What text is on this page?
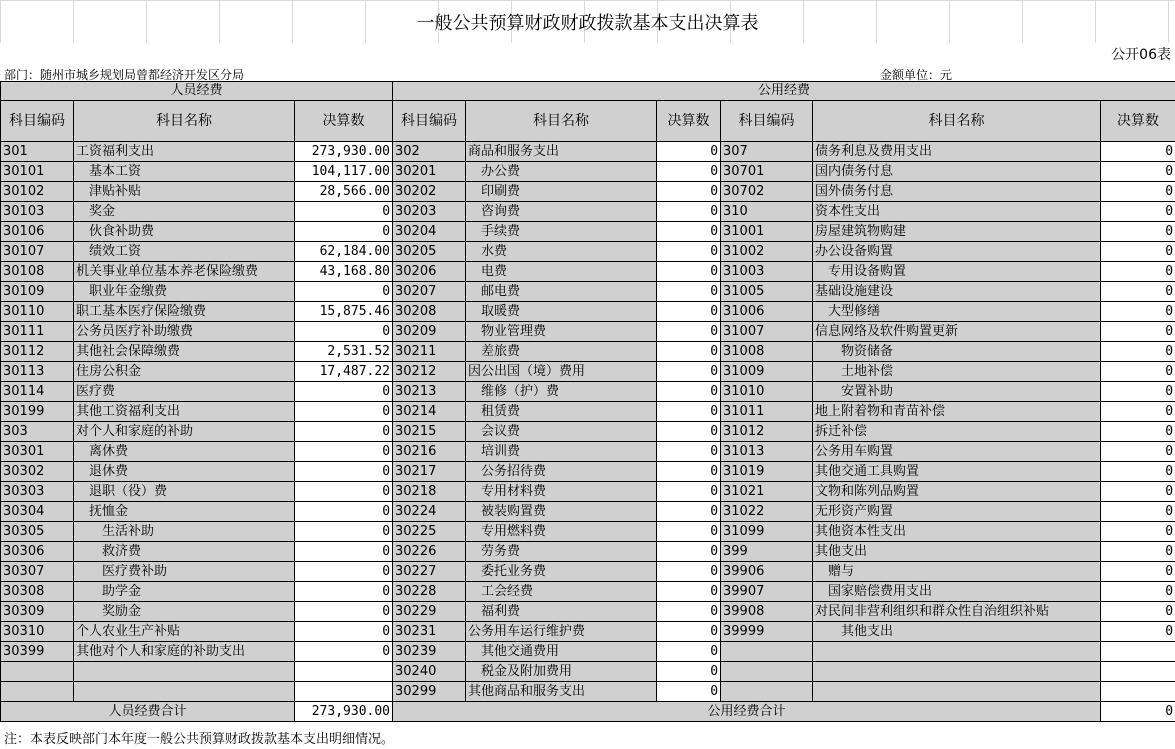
一般公共预算财政财政拨款基本支出决算表
公开06表
部门：随州市城乡规划局曾都经济开发区分局	金额单位：元
人员经费			公用经费					
科目编码	科目名称	决算数	科目编码	科目名称	决算数	科目编码	科目名称	决算数
301	工资福利支出	273,930.00	302	商品和服务支出	0	307	债务利息及费用支出	0
30101	　基本工资	104,117.00	30201	　办公费	0	30701	国内债务付息	0
30102	　津贴补贴	28,566.00	30202	　印刷费	0	30702	国外债务付息	0
30103	　奖金	0	30203	　咨询费	0	310	资本性支出	0
30106	　伙食补助费	0	30204	　手续费	0	31001	房屋建筑物购建	0
30107	　绩效工资	62,184.00	30205	　水费	0	31002	办公设备购置	0
30108	机关事业单位基本养老保险缴费	43,168.80	30206	　电费	0	31003	　专用设备购置	0
30109	　职业年金缴费	0	30207	　邮电费	0	31005	基础设施建设	0
30110	职工基本医疗保险缴费	15,875.46	30208	　取暖费	0	31006	　大型修缮	0
30111	公务员医疗补助缴费	0	30209	　物业管理费	0	31007	信息网络及软件购置更新	0
30112	其他社会保障缴费	2,531.52	30211	　差旅费	0	31008	　　物资储备	0
30113	住房公积金	17,487.22	30212	因公出国（境）费用	0	31009	　　土地补偿	0
30114	医疗费	0	30213	　维修（护）费	0	31010	　　安置补助	0
30199	其他工资福利支出	0	30214	　租赁费	0	31011	地上附着物和青苗补偿	0
303	对个人和家庭的补助	0	30215	　会议费	0	31012	拆迁补偿	0
30301	　离休费	0	30216	　培训费	0	31013	公务用车购置	0
30302	　退休费	0	30217	　公务招待费	0	31019	其他交通工具购置	0
30303	　退职（役）费	0	30218	　专用材料费	0	31021	文物和陈列品购置	0
30304	　抚恤金	0	30224	　被装购置费	0	31022	无形资产购置	0
30305	　　生活补助	0	30225	　专用燃料费	0	31099	其他资本性支出	0
30306	　　救济费	0	30226	　劳务费	0	399	其他支出	0
30307	　　医疗费补助	0	30227	　委托业务费	0	39906	　赠与	0
30308	　　助学金	0	30228	　工会经费	0	39907	　国家赔偿费用支出	0
30309	　　奖励金	0	30229	　福利费	0	39908	对民间非营利组织和群众性自治组织补贴	0
30310	个人农业生产补贴	0	30231	公务用车运行维护费	0	39999	　　其他支出	0
30399	其他对个人和家庭的补助支出	0	30239	　其他交通费用	0			
			30240	　税金及附加费用	0			
			30299	其他商品和服务支出	0			
人员经费合计		273,930.00	公用经费合计					0
注：本表反映部门本年度一般公共预算财政拨款基本支出明细情况。
